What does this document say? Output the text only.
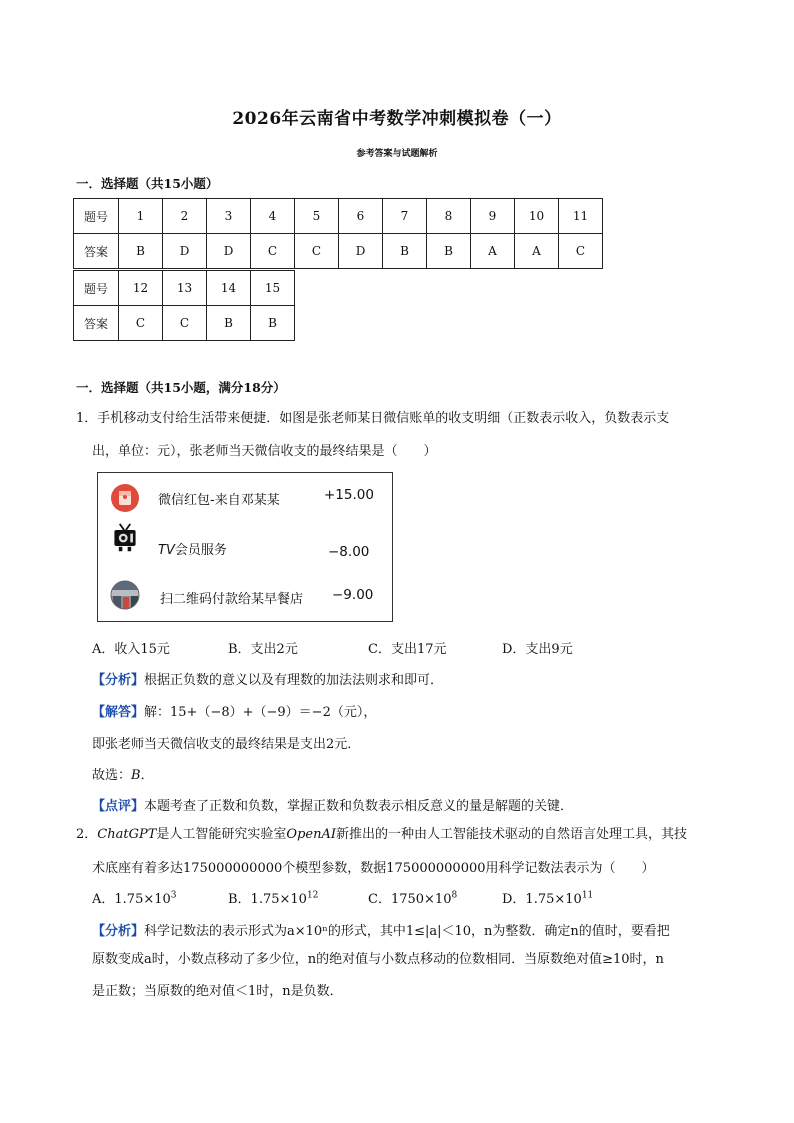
2026年云南省中考数学冲刺模拟卷（一）
参考答案与试题解析
一．选择题（共15小题）
题号	1	2	3	4	5	6	7	8	9	10	11
答案	B	D	D	C	C	D	B	B	A	A	C
题号	12	13	14	15
答案	C	C	B	B
一．选择题（共15小题，满分18分）
1．手机移动支付给生活带来便捷．如图是张老师某日微信账单的收支明细（正数表示收入，负数表示支
出，单位：元），张老师当天微信收支的最终结果是（　　）
微信红包-来自邓某某	+15.00
TV会员服务	−8.00
扫二维码付款给某早餐店 −9.00
A．收入15元	B．支出2元	C．支出17元	D．支出9元
【分析】根据正负数的意义以及有理数的加法法则求和即可．
【解答】解：15+（−8）+（−9）＝−2（元），
即张老师当天微信收支的最终结果是支出2元．
故选：B．
【点评】本题考查了正数和负数，掌握正数和负数表示相反意义的量是解题的关键．
2．ChatGPT是人工智能研究实验室OpenAI新推出的一种由人工智能技术驱动的自然语言处理工具，其技
术底座有着多达175000000000个模型参数，数据175000000000用科学记数法表示为（　　）
A．$1.75\times 10^3$	B．$1.75\times 10^{12}$	C．$1750\times 10^8$	D．$1.75\times 10^{11}$
【分析】科学记数法的表示形式为a×10ⁿ的形式，其中1≤|a|＜10，n为整数．确定n的值时，要看把
原数变成a时，小数点移动了多少位，n的绝对值与小数点移动的位数相同．当原数绝对值≥10时，n
是正数；当原数的绝对值＜1时，n是负数．
